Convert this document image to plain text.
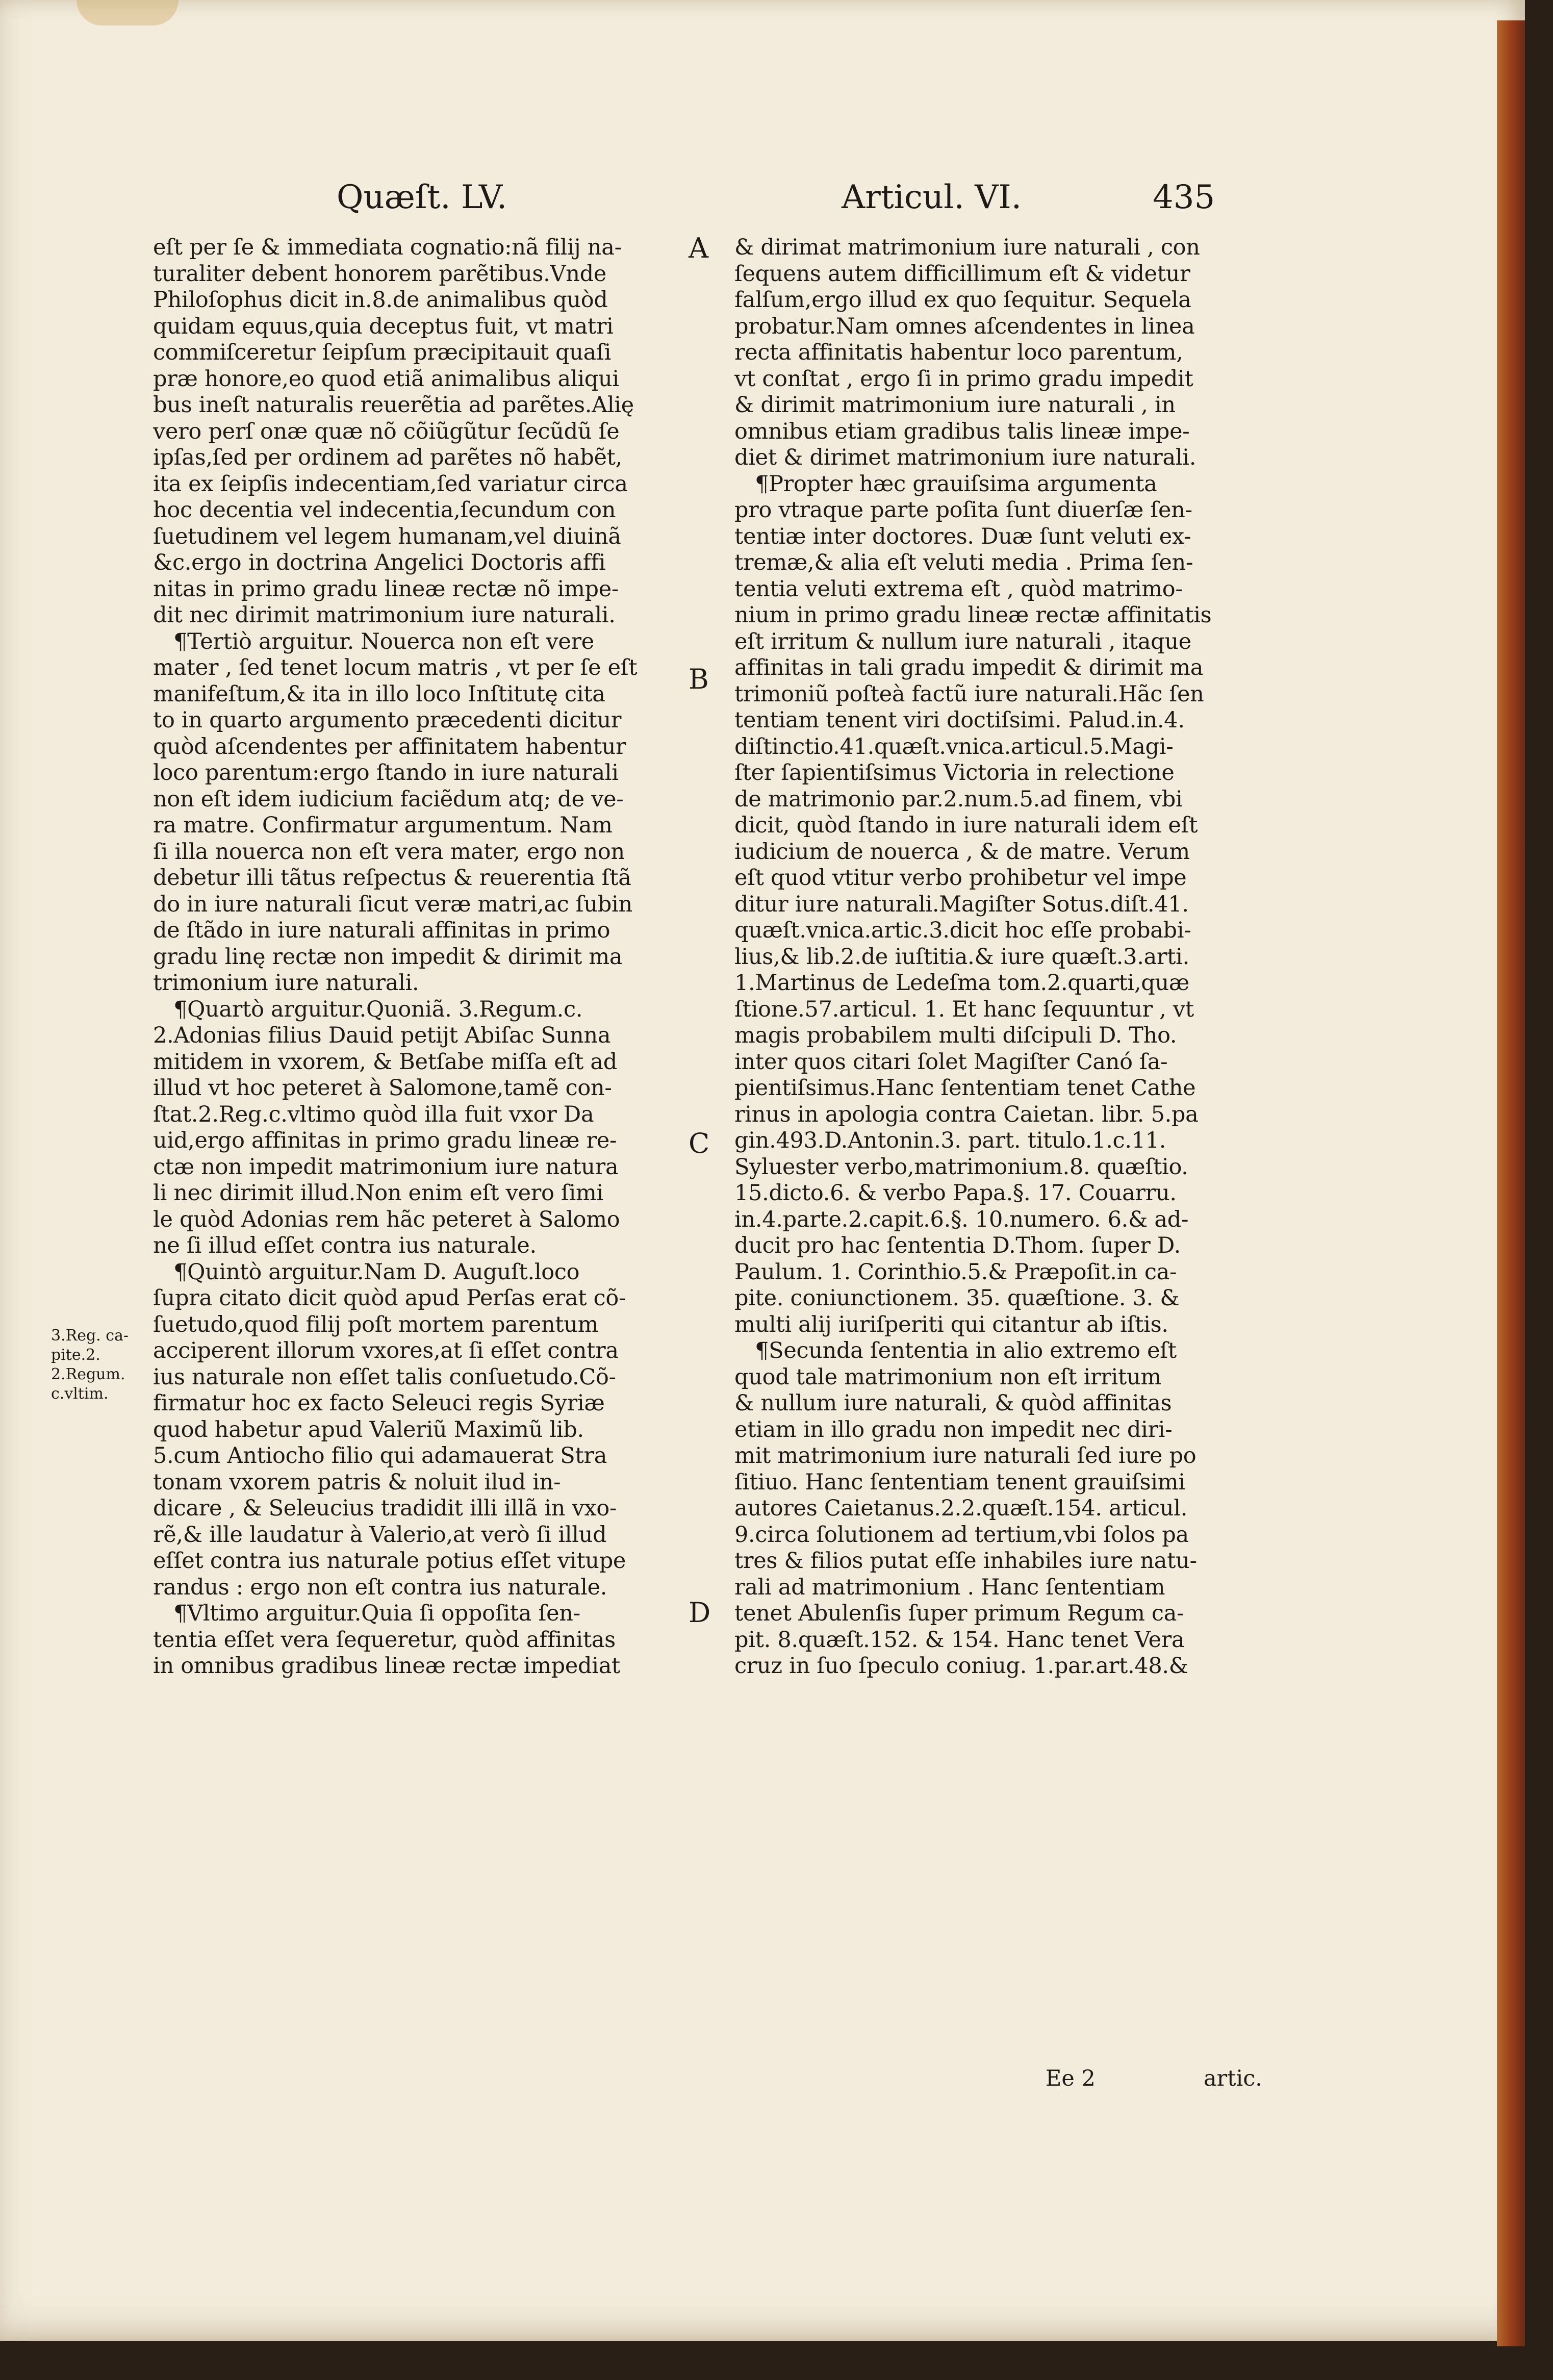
Quæſt. LV.	Articul. VI.	435
eſt per ſe & immediata cognatio:nã filij na-
turaliter debent honorem parẽtibus.Vnde
Philoſophus dicit in.8.de animalibus quòd
quidam equus,quia deceptus fuit, vt matri
commiſceretur ſeipſum præcipitauit quaſi
præ honore,eo quod etiã animalibus aliqui
bus ineſt naturalis reuerẽtia ad parẽtes.Alię
vero perſ onæ quæ nõ cõiũgũtur ſecũdũ ſe
ipſas,ſed per ordinem ad parẽtes nõ habẽt,
ita ex ſeipſis indecentiam,ſed variatur circa
hoc decentia vel indecentia,ſecundum con
ſuetudinem vel legem humanam,vel diuinã
&c.ergo in doctrina Angelici Doctoris affi
nitas in primo gradu lineæ rectæ nõ impe-
dit nec dirimit matrimonium iure naturali.
¶Tertiò arguitur. Nouerca non eſt vere
mater , ſed tenet locum matris , vt per ſe eſt
manifeſtum,& ita in illo loco Inſtitutę cita
to in quarto argumento præcedenti dicitur
quòd aſcendentes per affinitatem habentur
loco parentum:ergo ſtando in iure naturali
non eſt idem iudicium faciẽdum atq; de ve-
ra matre. Confirmatur argumentum. Nam
ſi illa nouerca non eſt vera mater, ergo non
debetur illi tãtus reſpectus & reuerentia ſtã
do in iure naturali ſicut veræ matri,ac ſubin
de ſtãdo in iure naturali affinitas in primo
gradu linę rectæ non impedit & dirimit ma
trimonium iure naturali.
¶Quartò arguitur.Quoniã. 3.Regum.c.
2.Adonias filius Dauid petijt Abiſac Sunna
mitidem in vxorem, & Betſabe miſſa eſt ad
illud vt hoc peteret à Salomone,tamẽ con-
ſtat.2.Reg.c.vltimo quòd illa fuit vxor Da
uid,ergo affinitas in primo gradu lineæ re-
ctæ non impedit matrimonium iure natura
li nec dirimit illud.Non enim eſt vero ſimi
le quòd Adonias rem hãc peteret à Salomo
ne ſi illud eſſet contra ius naturale.
¶Quintò arguitur.Nam D. Auguſt.loco
ſupra citato dicit quòd apud Perſas erat cõ-
ſuetudo,quod filij poſt mortem parentum
acciperent illorum vxores,at ſi eſſet contra
ius naturale non eſſet talis conſuetudo.Cõ-
firmatur hoc ex facto Seleuci regis Syriæ
quod habetur apud Valeriũ Maximũ lib.
5.cum Antiocho filio qui adamauerat Stra
tonam vxorem patris & noluit ilud in-
dicare , & Seleucius tradidit illi illã in vxo-
rẽ,& ille laudatur à Valerio,at verò ſi illud
eſſet contra ius naturale potius eſſet vitupe
randus : ergo non eſt contra ius naturale.
¶Vltimo arguitur.Quia ſi oppoſita ſen-
tentia eſſet vera ſequeretur, quòd affinitas
in omnibus gradibus lineæ rectæ impediat
& dirimat matrimonium iure naturali , con
ſequens autem difficillimum eſt & videtur
falſum,ergo illud ex quo ſequitur. Sequela
probatur.Nam omnes aſcendentes in linea
recta affinitatis habentur loco parentum,
vt conſtat , ergo ſi in primo gradu impedit
& dirimit matrimonium iure naturali , in
omnibus etiam gradibus talis lineæ impe-
diet & dirimet matrimonium iure naturali.
¶Propter hæc grauiſsima argumenta
pro vtraque parte poſita ſunt diuerſæ ſen-
tentiæ inter doctores. Duæ ſunt veluti ex-
tremæ,& alia eſt veluti media . Prima ſen-
tentia veluti extrema eſt , quòd matrimo-
nium in primo gradu lineæ rectæ affinitatis
eſt irritum & nullum iure naturali , itaque
affinitas in tali gradu impedit & dirimit ma
trimoniũ poſteà factũ iure naturali.Hãc ſen
tentiam tenent viri doctiſsimi. Palud.in.4.
diſtinctio.41.quæſt.vnica.articul.5.Magi-
ſter ſapientiſsimus Victoria in relectione
de matrimonio par.2.num.5.ad finem, vbi
dicit, quòd ſtando in iure naturali idem eſt
iudicium de nouerca , & de matre. Verum
eſt quod vtitur verbo prohibetur vel impe
ditur iure naturali.Magiſter Sotus.diſt.41.
quæſt.vnica.artic.3.dicit hoc eſſe probabi-
lius,& lib.2.de iuſtitia.& iure quæſt.3.arti.
1.Martinus de Ledeſma tom.2.quarti,quæ
ſtione.57.articul. 1. Et hanc ſequuntur , vt
magis probabilem multi diſcipuli D. Tho.
inter quos citari ſolet Magiſter Canó ſa-
pientiſsimus.Hanc ſententiam tenet Cathe
rinus in apologia contra Caietan. libr. 5.pa
gin.493.D.Antonin.3. part. titulo.1.c.11.
Syluester verbo,matrimonium.8. quæſtio.
15.dicto.6. & verbo Papa.§. 17. Couarru.
in.4.parte.2.capit.6.§. 10.numero. 6.& ad-
ducit pro hac ſententia D.Thom. ſuper D.
Paulum. 1. Corinthio.5.& Præpoſit.in ca-
pite. coniunctionem. 35. quæſtione. 3. &
multi alij iuriſperiti qui citantur ab iſtis.
¶Secunda ſententia in alio extremo eſt
quod tale matrimonium non eſt irritum
& nullum iure naturali, & quòd affinitas
etiam in illo gradu non impedit nec diri-
mit matrimonium iure naturali ſed iure po
ſitiuo. Hanc ſententiam tenent grauiſsimi
autores Caietanus.2.2.quæſt.154. articul.
9.circa ſolutionem ad tertium,vbi ſolos pa
tres & filios putat eſſe inhabiles iure natu-
rali ad matrimonium . Hanc ſententiam
tenet Abulenſis ſuper primum Regum ca-
pit. 8.quæſt.152. & 154. Hanc tenet Vera
cruz in ſuo ſpeculo coniug. 1.par.art.48.&
A
B
C
D
3.Reg. ca-
pite.2.
2.Regum.
c.vltim.
Ee 2	artic.
